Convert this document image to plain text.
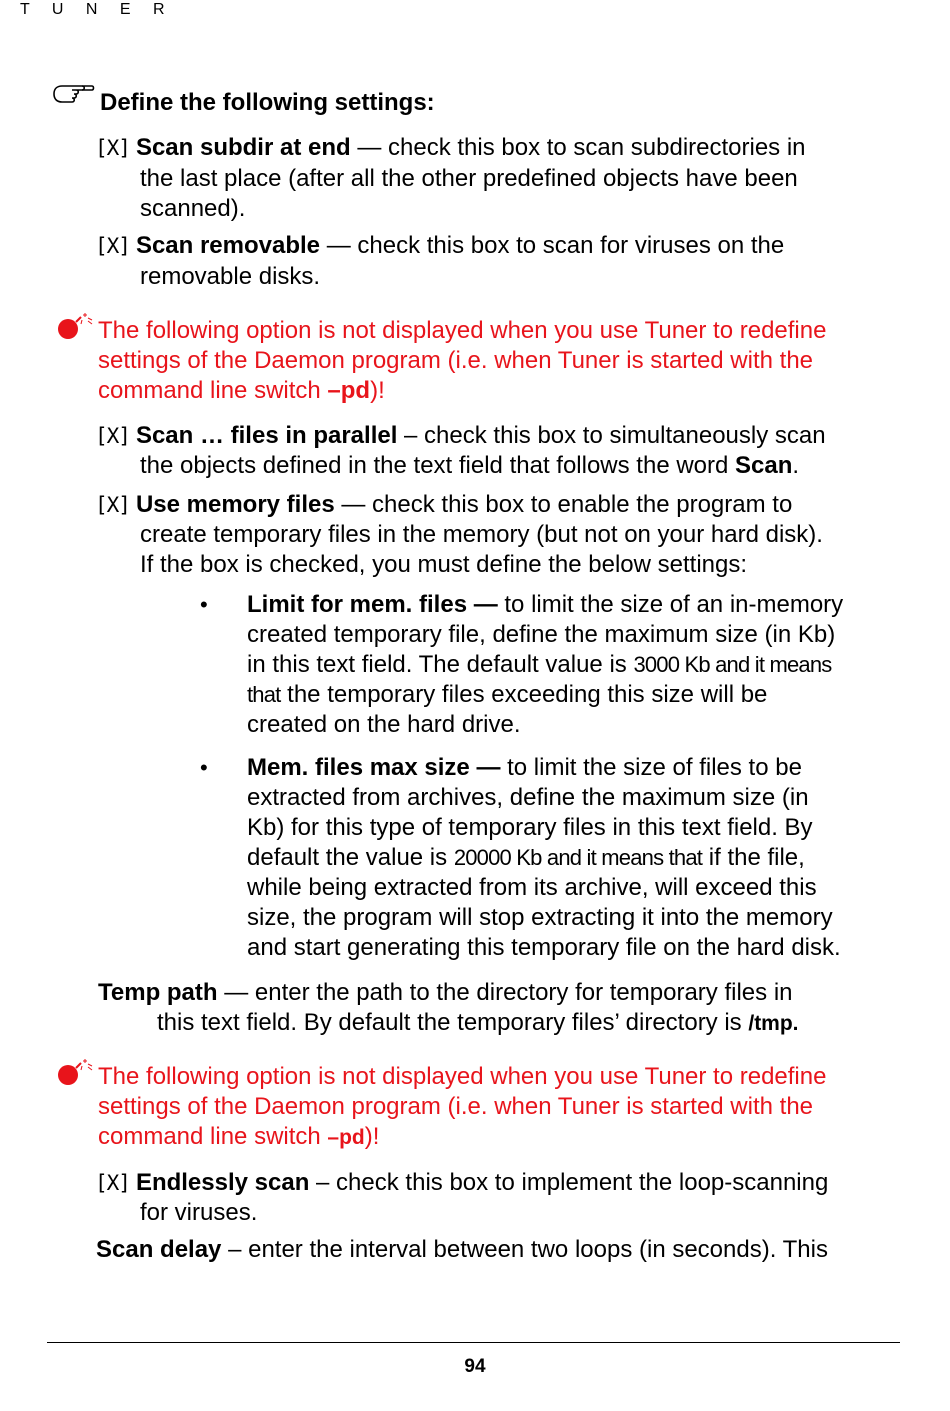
T U N E R
Define the following settings:
[X] Scan subdir at end — check this box to scan subdirectories in
the last place (after all the other predefined objects have been
scanned).
[X] Scan removable — check this box to scan for viruses on the
removable disks.
The following option is not displayed when you use Tuner to redefine
settings of the Daemon program (i.e. when Tuner is started with the
command line switch –pd)!
[X] Scan … files in parallel – check this box to simultaneously scan
the objects defined in the text field that follows the word Scan.
[X] Use memory files — check this box to enable the program to
create temporary files in the memory (but not on your hard disk).
If the box is checked, you must define the below settings:
• Limit for mem. files — to limit the size of an in-memory
created temporary file, define the maximum size (in Kb)
in this text field. The default value is 3000 Kb and it means
that the temporary files exceeding this size will be
created on the hard drive.
• Mem. files max size — to limit the size of files to be
extracted from archives, define the maximum size (in
Kb) for this type of temporary files in this text field. By
default the value is 20000 Kb and it means that if the file,
while being extracted from its archive, will exceed this
size, the program will stop extracting it into the memory
and start generating this temporary file on the hard disk.
Temp path — enter the path to the directory for temporary files in
this text field. By default the temporary files’ directory is /tmp.
The following option is not displayed when you use Tuner to redefine
settings of the Daemon program (i.e. when Tuner is started with the
command line switch –pd)!
[X] Endlessly scan – check this box to implement the loop-scanning
for viruses.
Scan delay – enter the interval between two loops (in seconds). This
94
